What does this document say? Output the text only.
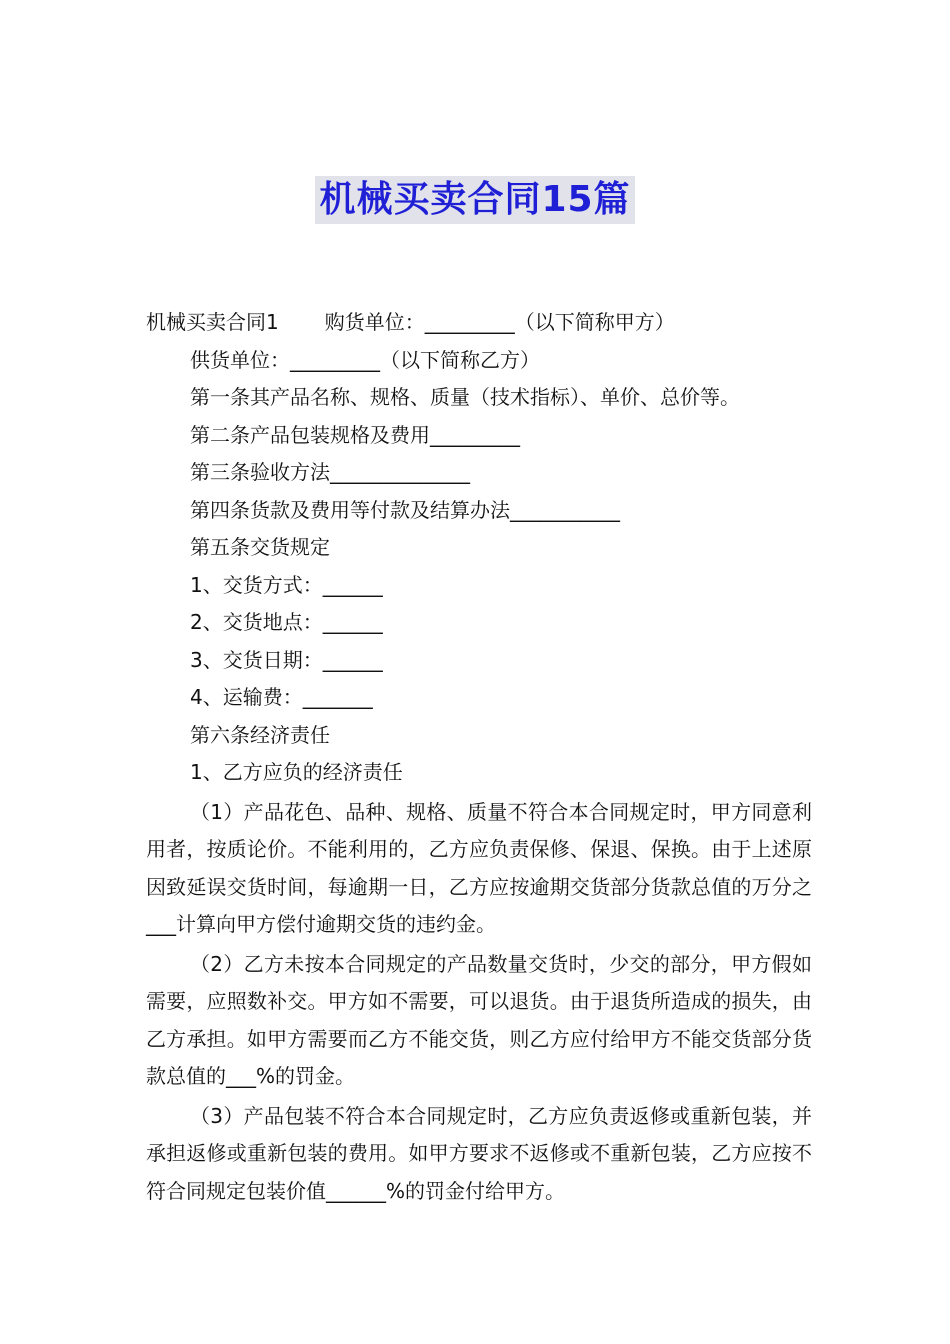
机械买卖合同15篇
机械买卖合同1 购货单位：_________（以下简称甲方）
供货单位：_________（以下简称乙方）
第一条其产品名称、规格、质量（技术指标）、单价、总价等。
第二条产品包装规格及费用_________
第三条验收方法______________
第四条货款及费用等付款及结算办法___________
第五条交货规定
1、交货方式：______
2、交货地点：______
3、交货日期：______
4、运输费：_______
第六条经济责任
1、乙方应负的经济责任
（1）产品花色、品种、规格、质量不符合本合同规定时，甲方同意利用者，按质论价。不能利用的，乙方应负责保修、保退、保换。由于上述原因致延误交货时间，每逾期一日，乙方应按逾期交货部分货款总值的万分之___计算向甲方偿付逾期交货的违约金。
（2）乙方未按本合同规定的产品数量交货时，少交的部分，甲方假如需要，应照数补交。甲方如不需要，可以退货。由于退货所造成的损失，由乙方承担。如甲方需要而乙方不能交货，则乙方应付给甲方不能交货部分货款总值的___%的罚金。
（3）产品包装不符合本合同规定时，乙方应负责返修或重新包装，并承担返修或重新包装的费用。如甲方要求不返修或不重新包装，乙方应按不符合同规定包装价值______%的罚金付给甲方。
